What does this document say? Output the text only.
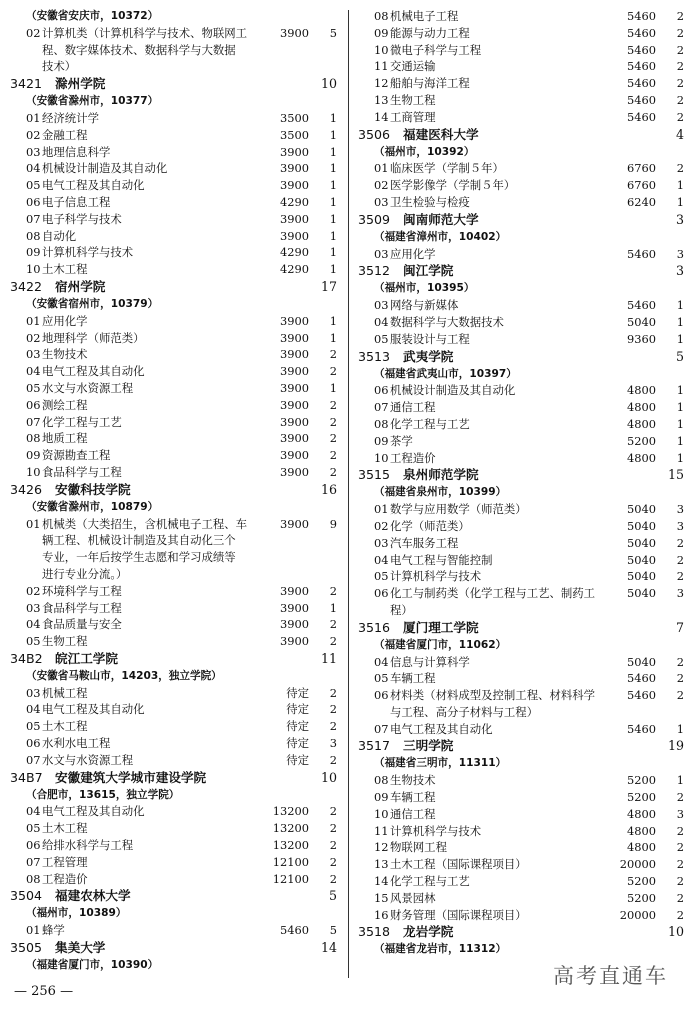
（安徽省安庆市，10372）
02 计算机类（计算机科学与技术、物联网工	3900 5
程、数字媒体技术、数据科学与大数据
技术）
3421 滁州学院	10
（安徽省滁州市，10377）
01 经济统计学	3500 1
02 金融工程	3500 1
03 地理信息科学	3900 1
04 机械设计制造及其自动化	3900 1
05 电气工程及其自动化	3900 1
06 电子信息工程	4290 1
07 电子科学与技术	3900 1
08 自动化	3900 1
09 计算机科学与技术	4290 1
10 土木工程	4290 1
3422 宿州学院	17
（安徽省宿州市，10379）
01 应用化学	3900 1
02 地理科学（师范类）	3900 1
03 生物技术	3900 2
04 电气工程及其自动化	3900 2
05 水文与水资源工程	3900 1
06 测绘工程	3900 2
07 化学工程与工艺	3900 2
08 地质工程	3900 2
09 资源勘查工程	3900 2
10 食品科学与工程	3900 2
3426 安徽科技学院	16
（安徽省滁州市，10879）
01 机械类（大类招生，含机械电子工程、车	3900 9
辆工程、机械设计制造及其自动化三个
专业，一年后按学生志愿和学习成绩等
进行专业分流。）
02 环境科学与工程	3900 2
03 食品科学与工程	3900 1
04 食品质量与安全	3900 2
05 生物工程	3900 2
34B2 皖江工学院	11
（安徽省马鞍山市，14203，独立学院）
03 机械工程	待定 2
04 电气工程及其自动化	待定 2
05 土木工程	待定 2
06 水利水电工程	待定 3
07 水文与水资源工程	待定 2
34B7 安徽建筑大学城市建设学院	10
（合肥市，13615，独立学院）
04 电气工程及其自动化	13200 2
05 土木工程	13200 2
06 给排水科学与工程	13200 2
07 工程管理	12100 2
08 工程造价	12100 2
3504 福建农林大学	5
（福州市，10389）
01 蜂学	5460 5
3505 集美大学	14
（福建省厦门市，10390）
08 机械电子工程	5460 2
09 能源与动力工程	5460 2
10 微电子科学与工程	5460 2
11 交通运输	5460 2
12 船舶与海洋工程	5460 2
13 生物工程	5460 2
14 工商管理	5460 2
3506 福建医科大学	4
（福州市，10392）
01 临床医学（学制５年）	6760 2
02 医学影像学（学制５年）	6760 1
03 卫生检验与检疫	6240 1
3509 闽南师范大学	3
（福建省漳州市，10402）
03 应用化学	5460 3
3512 闽江学院	3
（福州市，10395）
03 网络与新媒体	5460 1
04 数据科学与大数据技术	5040 1
05 服装设计与工程	9360 1
3513 武夷学院	5
（福建省武夷山市，10397）
06 机械设计制造及其自动化	4800 1
07 通信工程	4800 1
08 化学工程与工艺	4800 1
09 茶学	5200 1
10 工程造价	4800 1
3515 泉州师范学院	15
（福建省泉州市，10399）
01 数学与应用数学（师范类）	5040 3
02 化学（师范类）	5040 3
03 汽车服务工程	5040 2
04 电气工程与智能控制	5040 2
05 计算机科学与技术	5040 2
06 化工与制药类（化学工程与工艺、制药工	5040 3
程）
3516 厦门理工学院	7
（福建省厦门市，11062）
04 信息与计算科学	5040 2
05 车辆工程	5460 2
06 材料类（材料成型及控制工程、材料科学	5460 2
与工程、高分子材料与工程）
07 电气工程及其自动化	5460 1
3517 三明学院	19
（福建省三明市，11311）
08 生物技术	5200 1
09 车辆工程	5200 2
10 通信工程	4800 3
11 计算机科学与技术	4800 2
12 物联网工程	4800 2
13 土木工程（国际课程项目）	20000 2
14 化学工程与工艺	5200 2
15 风景园林	5200 2
16 财务管理（国际课程项目）	20000 2
3518 龙岩学院	10
（福建省龙岩市，11312）
— 256 —
高考直通车
